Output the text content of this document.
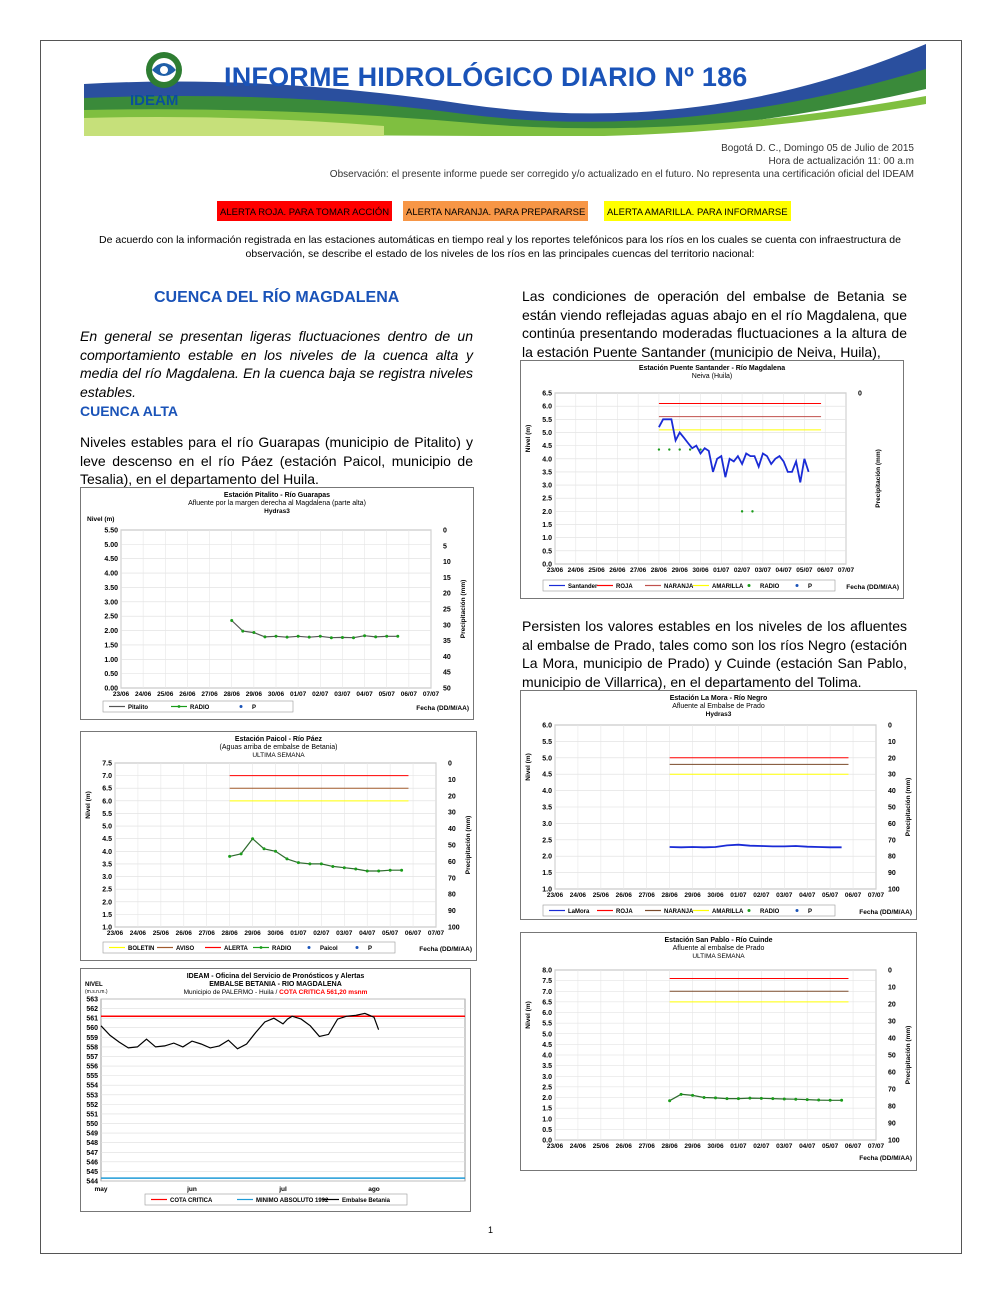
IDEAM
INFORME HIDROLÓGICO DIARIO Nº 186
Bogotá D. C., Domingo 05 de Julio de 2015
Hora de actualización 11: 00 a.m
Observación: el presente informe puede ser corregido y/o actualizado en el futuro. No representa una certificación oficial del IDEAM
ALERTA ROJA. PARA TOMAR ACCIÓN	ALERTA NARANJA. PARA PREPARARSE	ALERTA AMARILLA. PARA INFORMARSE
De acuerdo con la información registrada en las estaciones automáticas en tiempo real y los reportes telefónicos para los ríos en los cuales se cuenta con infraestructura de observación, se describe el estado de los niveles de los ríos en las principales cuencas del territorio nacional:
CUENCA DEL RÍO MAGDALENA
En general se presentan ligeras fluctuaciones dentro de un comportamiento estable en los niveles de la cuenca alta y media del río Magdalena. En la cuenca baja se registra niveles estables.
CUENCA ALTA
Niveles estables para el río Guarapas (municipio de Pitalito) y leve descenso en el río Páez (estación Paicol, municipio de Tesalia), en el departamento del Huila.
Las condiciones de operación del embalse de Betania se están viendo reflejadas aguas abajo en el río Magdalena, que continúa presentando moderadas fluctuaciones a la altura de la estación Puente Santander (municipio de Neiva, Huila),
Persisten los valores estables en los niveles de los afluentes al embalse de Prado, tales como son los ríos Negro (estación La Mora, municipio de Prado) y Cuinde (estación San Pablo, municipio de Villarrica), en el departamento del Tolima.
Estación Pitalito - Río Guarapas
Afluente por la margen derecha al Magdalena (parte alta)
Hydras3
5.50
5.00
4.50
4.00
3.50
3.00
2.50
2.00
1.50
1.00
0.50
0.00
0
5
10
15
20
25
30
35
40
45
50
Precipitación (mm)
Nivel (m)
23/06 24/06 25/06 26/06 27/06 28/06 29/06 30/06 01/07 02/07 03/07 04/07 05/07 06/07 07/07
Fecha (DD/M/AA)
Pitalito	RADIO	P
Estación Paicol - Río Páez
(Aguas arriba de embalse de Betania)
ULTIMA SEMANA
7.5
7.0
6.5
6.0
5.5
5.0
4.5
4.0
3.5
3.0
2.5
2.0
1.5
1.0
0
10
20
30
40
50
60
70
80
90
100
Precipitación (mm)
Nivel (m)
23/06 24/06 25/06 26/06 27/06 28/06 29/06 30/06 01/07 02/07 03/07 04/07 05/07 06/07 07/07
Fecha (DD/M/AA)
BOLETIN	AVISO	ALERTA	RADIO	Paicol	P
IDEAM - Oficina del Servicio de Pronósticos y Alertas
EMBALSE BETANIA - RIO MAGDALENA
Municipio de PALERMO - Huila / COTA CRITICA 561,20 msnm
563
562
561
560
559
558
557
556
555
554
553
552
551
550
549
548
547
546
545
544
NIVEL
(m.s.n.m.)
may	jun	jul	ago
COTA CRITICA	MINIMO ABSOLUTO 1992 Embalse Betania
Estación Puente Santander - Río Magdalena
Neiva (Huila)
6.5
6.0
5.5
5.0
4.5
4.0
3.5
3.0
2.5
2.0
1.5
1.0
0.5
0.0
0
Precipitación (mm)
Nivel (m)
23/06 24/06 25/06 26/06 27/06 28/06 29/06 30/06 01/07 02/07 03/07 04/07 05/07 06/07 07/07
Fecha (DD/M/AA)
Santander	ROJA	NARANJA	AMARILLA	RADIO	P
Estación La Mora - Río Negro
Afluente al Embalse de Prado
Hydras3
6.0
5.5
5.0
4.5
4.0
3.5
3.0
2.5
2.0
1.5
1.0
0
10
20
30
40
50
60
70
80
90
100
Precipitación (mm)
Nivel (m)
23/06 24/06 25/06 26/06 27/06 28/06 29/06 30/06 01/07 02/07 03/07 04/07 05/07 06/07 07/07
Fecha (DD/M/AA)
LaMora	ROJA	NARANJA	AMARILLA	RADIO	P
Estación San Pablo - Río Cuinde
Afluente al embalse de Prado
ULTIMA SEMANA
8.0
7.5
7.0
6.5
6.0
5.5
5.0
4.5
4.0
3.5
3.0
2.5
2.0
1.5
1.0
0.5
0.0
0
10
20
30
40
50
60
70
80
90
100
Precipitación (mm)
Nivel (m)
23/06 24/06 25/06 26/06 27/06 28/06 29/06 30/06 01/07 02/07 03/07 04/07 05/07 06/07 07/07
Fecha (DD/M/AA)
1
